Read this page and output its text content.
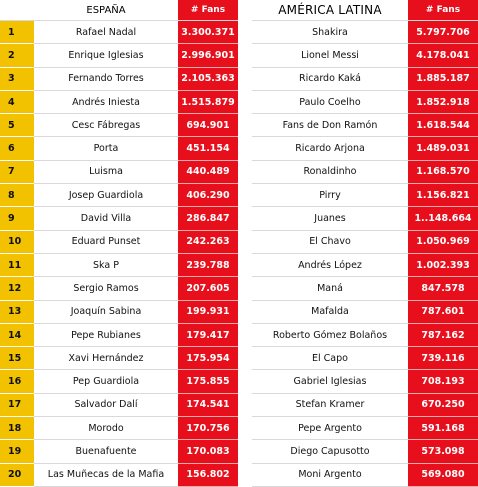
	ESPAÑA	# Fans		AMÉRICA LATINA	# Fans
1	Rafael Nadal	3.300.371		Shakira	5.797.706
2	Enrique Iglesias	2.996.901		Lionel Messi	4.178.041
3	Fernando Torres	2.105.363		Ricardo Kaká	1.885.187
4	Andrés Iniesta	1.515.879		Paulo Coelho	1.852.918
5	Cesc Fábregas	694.901		Fans de Don Ramón	1.618.544
6	Porta	451.154		Ricardo Arjona	1.489.031
7	Luisma	440.489		Ronaldinho	1.168.570
8	Josep Guardiola	406.290		Pirry	1.156.821
9	David Villa	286.847		Juanes	1..148.664
10	Eduard Punset	242.263		El Chavo	1.050.969
11	Ska P	239.788		Andrés López	1.002.393
12	Sergio Ramos	207.605		Maná	847.578
13	Joaquín Sabina	199.931		Mafalda	787.601
14	Pepe Rubianes	179.417		Roberto Gómez Bolaños	787.162
15	Xavi Hernández	175.954		El Capo	739.116
16	Pep Guardiola	175.855		Gabriel Iglesias	708.193
17	Salvador Dalí	174.541		Stefan Kramer	670.250
18	Morodo	170.756		Pepe Argento	591.168
19	Buenafuente	170.083		Diego Capusotto	573.098
20	Las Muñecas de la Mafia	156.802		Moni Argento	569.080
